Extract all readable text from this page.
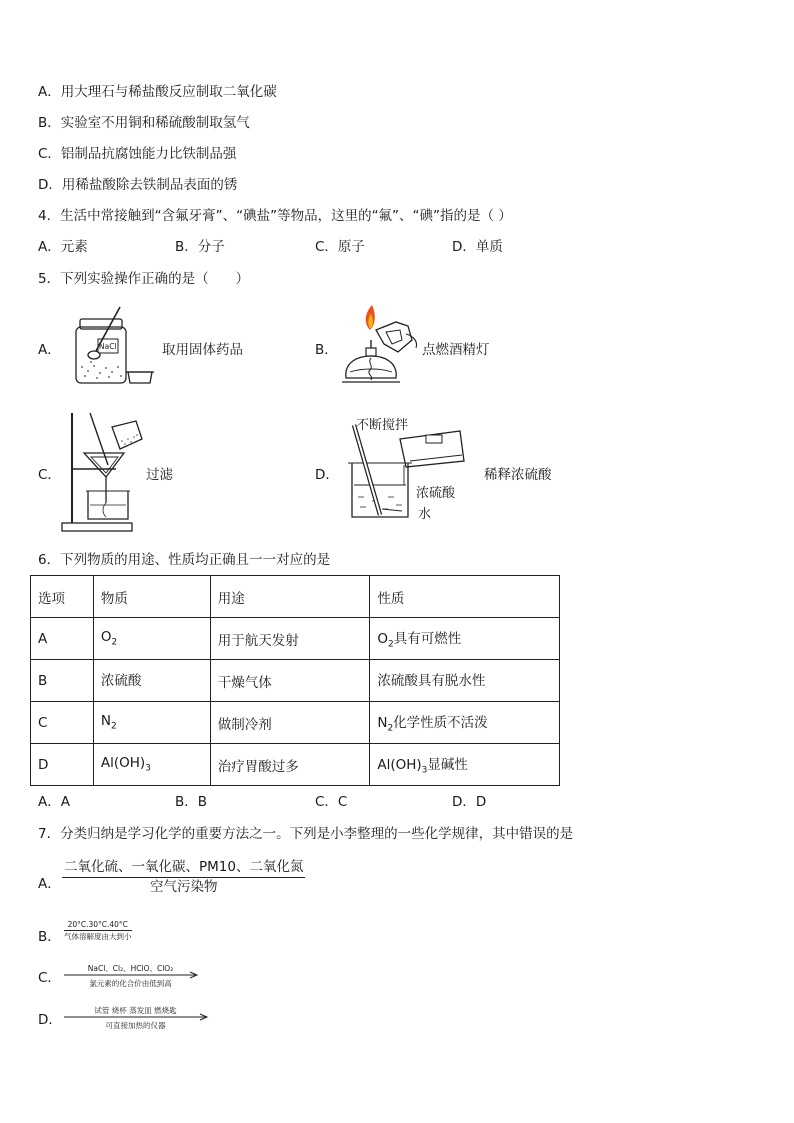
A．用大理石与稀盐酸反应制取二氧化碳
B．实验室不用铜和稀硫酸制取氢气
C．铝制品抗腐蚀能力比铁制品强
D．用稀盐酸除去铁制品表面的锈
4．生活中常接触到“含氟牙膏”、“碘盐”等物品，这里的“氟”、“碘”指的是（ ）
A．元素	B．分子	C．原子	D．单质
5．下列实验操作正确的是（　　）
A．	NaCl	取用固体药品	B．	点燃酒精灯
C．	过滤	D．
不断搅拌
浓硫酸
水
稀释浓硫酸
6．下列物质的用途、性质均正确且一一对应的是
选项	物质	用途	性质
A	$O_2$	用于航天发射	$O_2$具有可燃性
B	浓硫酸	干燥气体	浓硫酸具有脱水性
C	$N_2$	做制冷剂	$N_2$化学性质不活泼
D	$Al(OH)_3$	治疗胃酸过多	$Al(OH)_3$显碱性
A．A	B．B	C．C	D．D
7．分类归纳是学习化学的重要方法之一。下列是小李整理的一些化学规律，其中错误的是
A．
二氧化硫、一氧化碳、PM10、二氧化氮
空气污染物
B．
20°C.30°C.40°C
气体溶解度由大到小
C．
NaCl、Cl₂、HClO、ClO₂
氯元素的化合价由低到高
D．
试管 烧杯 蒸发皿 燃烧匙
可直接加热的仪器
